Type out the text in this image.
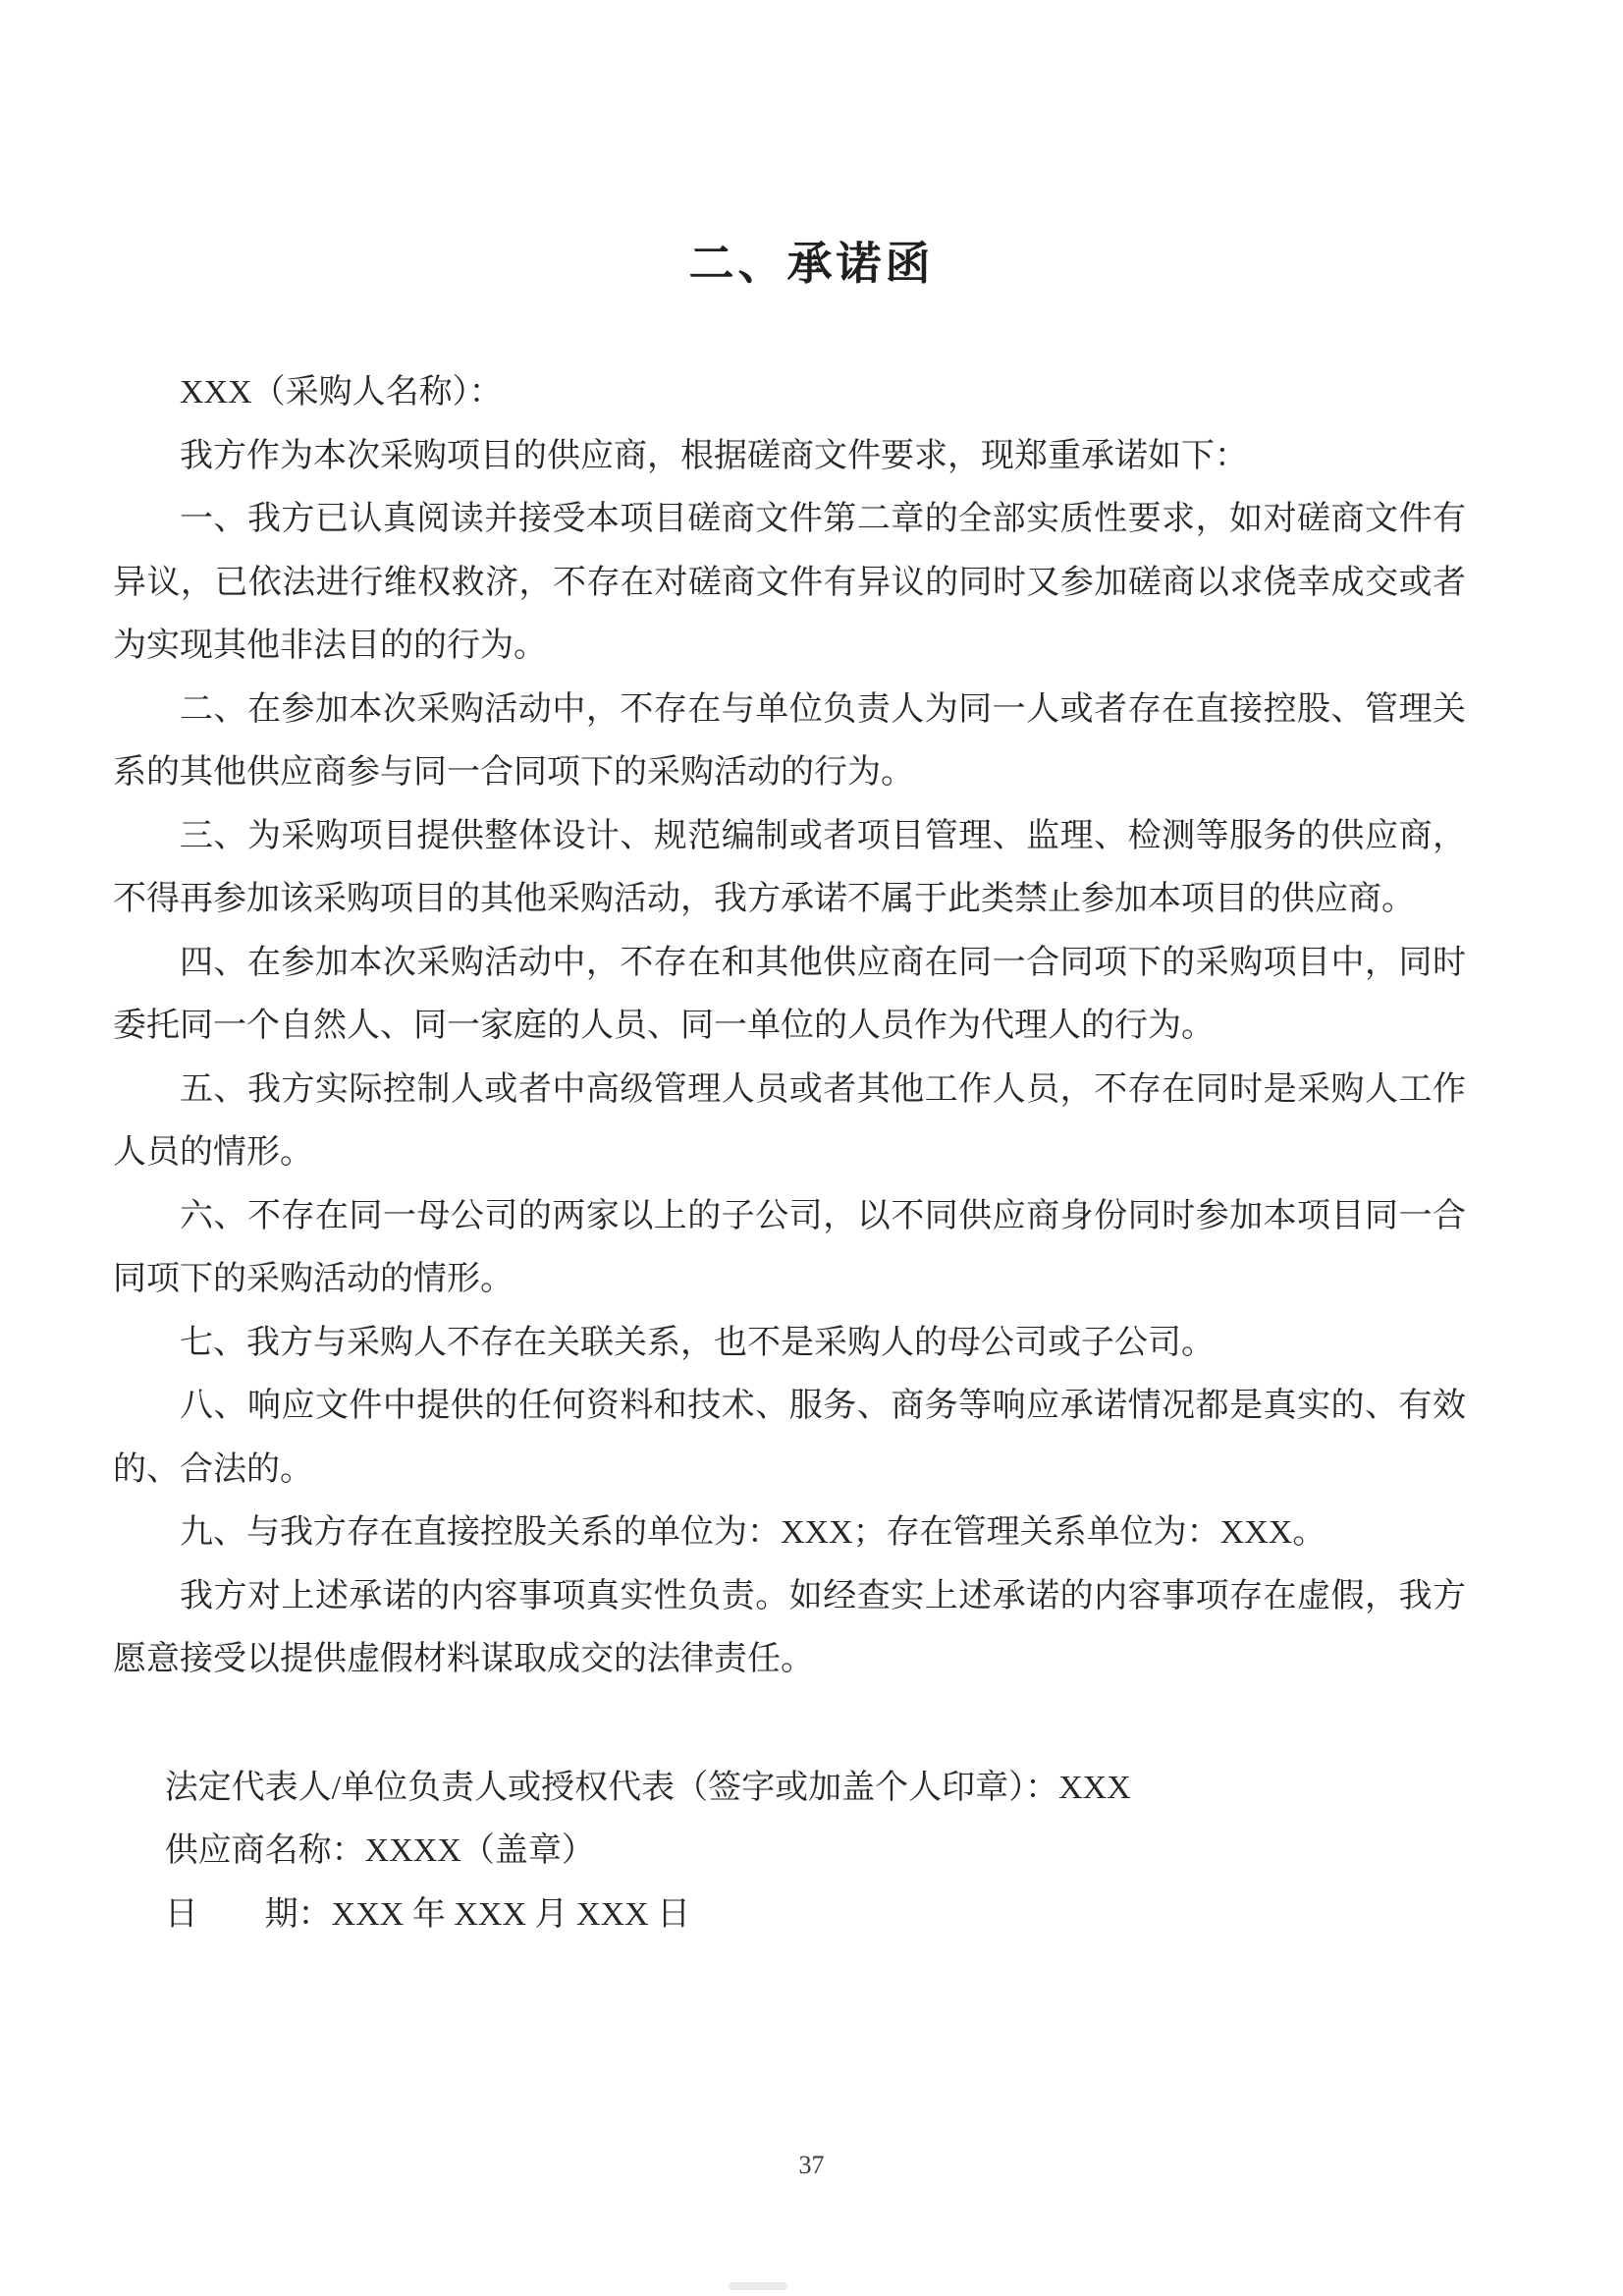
二、承诺函

XXX（采购人名称）：

我方作为本次采购项目的供应商，根据磋商文件要求，现郑重承诺如下：

一、我方已认真阅读并接受本项目磋商文件第二章的全部实质性要求，如对磋商文件有异议，已依法进行维权救济，不存在对磋商文件有异议的同时又参加磋商以求侥幸成交或者为实现其他非法目的的行为。

二、在参加本次采购活动中，不存在与单位负责人为同一人或者存在直接控股、管理关系的其他供应商参与同一合同项下的采购活动的行为。

三、为采购项目提供整体设计、规范编制或者项目管理、监理、检测等服务的供应商，不得再参加该采购项目的其他采购活动，我方承诺不属于此类禁止参加本项目的供应商。

四、在参加本次采购活动中，不存在和其他供应商在同一合同项下的采购项目中，同时委托同一个自然人、同一家庭的人员、同一单位的人员作为代理人的行为。

五、我方实际控制人或者中高级管理人员或者其他工作人员，不存在同时是采购人工作人员的情形。

六、不存在同一母公司的两家以上的子公司，以不同供应商身份同时参加本项目同一合同项下的采购活动的情形。

七、我方与采购人不存在关联关系，也不是采购人的母公司或子公司。

八、响应文件中提供的任何资料和技术、服务、商务等响应承诺情况都是真实的、有效的、合法的。

九、与我方存在直接控股关系的单位为：XXX；存在管理关系单位为：XXX。

我方对上述承诺的内容事项真实性负责。如经查实上述承诺的内容事项存在虚假，我方愿意接受以提供虚假材料谋取成交的法律责任。

法定代表人/单位负责人或授权代表（签字或加盖个人印章）：XXX

供应商名称：XXXX（盖章）

日　　期：XXX 年 XXX 月 XXX 日

37
